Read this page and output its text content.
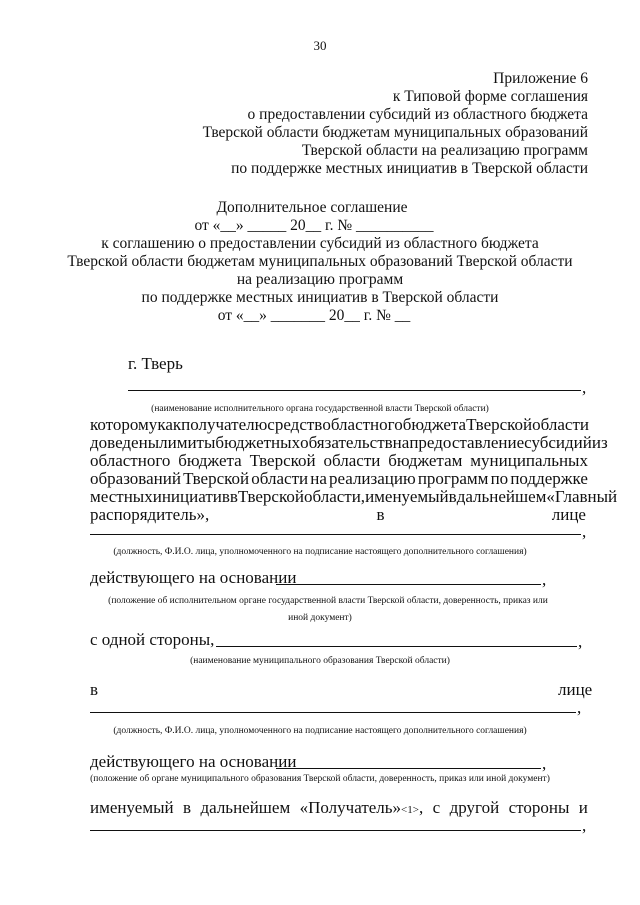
30
Приложение 6
к Типовой форме соглашения
о предоставлении субсидий из областного бюджета
Тверской области бюджетам муниципальных образований
Тверской области на реализацию программ
по поддержке местных инициатив в Тверской области
Дополнительное соглашение
от «__» _____ 20__ г. № __________
к соглашению о предоставлении субсидий из областного бюджета
Тверской области бюджетам муниципальных образований Тверской области
на реализацию программ
по поддержке местных инициатив в Тверской области
от «__» _______ 20__ г. № __
г. Тверь
,
(наименование исполнительного органа государственной власти Тверской области)
которому как получателю средств областного бюджета Тверской области
доведены лимиты бюджетных обязательств на предоставление субсидий из
областного бюджета Тверской области бюджетам муниципальных
образований Тверской области на реализацию программ по поддержке
местных инициатив в Тверской области, именуемый в дальнейшем «Главный
распорядитель»,	в	лице
,
(должность, Ф.И.О. лица, уполномоченного на подписание настоящего дополнительного соглашения)
действующего на основании	,
(положение об исполнительном органе государственной власти Тверской области, доверенность, приказ или
иной документ)
с одной стороны,	,
(наименование муниципального образования Тверской области)
в	лице
,
(должность, Ф.И.О. лица, уполномоченного на подписание настоящего дополнительного соглашения)
действующего на основании	,
(положение об органе муниципального образования Тверской области, доверенность, приказ или иной документ)
именуемый в дальнейшем «Получатель»<1>, с другой стороны и
,
